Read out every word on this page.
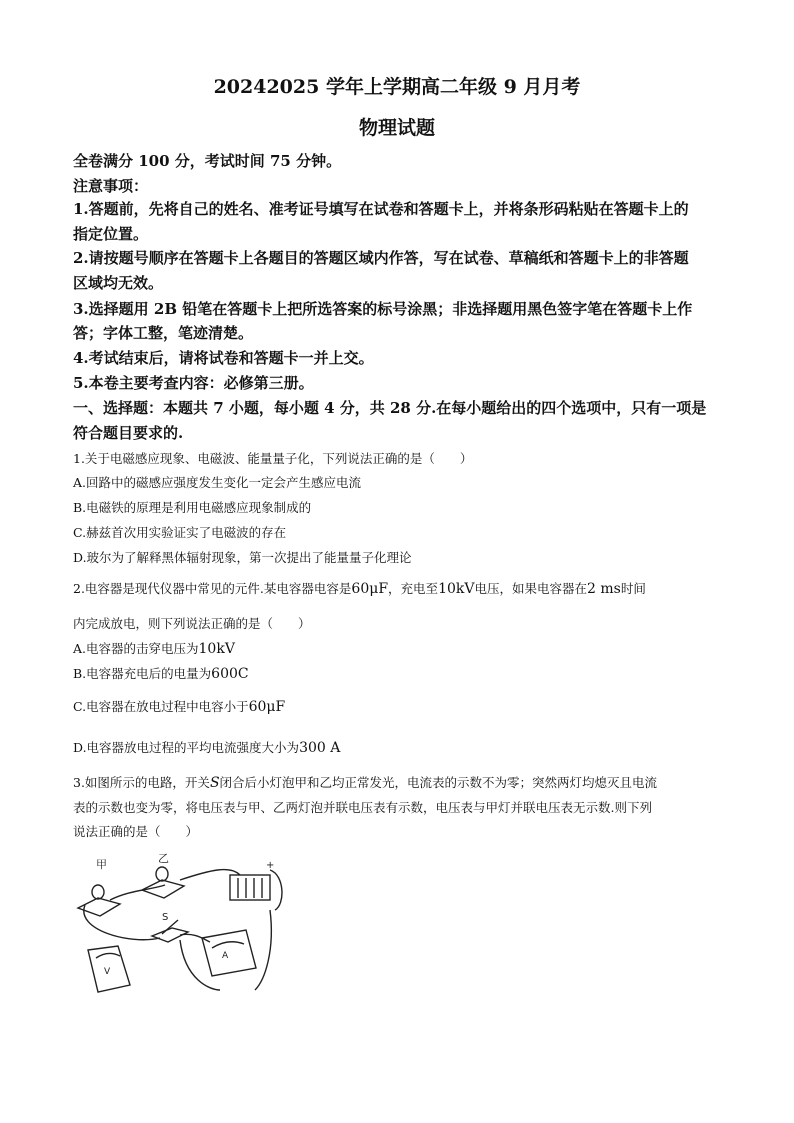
20242025 学年上学期高二年级 9 月月考
物理试题
全卷满分 100 分，考试时间 75 分钟。
注意事项：
1.答题前，先将自己的姓名、准考证号填写在试卷和答题卡上，并将条形码粘贴在答题卡上的
指定位置。
2.请按题号顺序在答题卡上各题目的答题区域内作答，写在试卷、草稿纸和答题卡上的非答题
区域均无效。
3.选择题用 2B 铅笔在答题卡上把所选答案的标号涂黑；非选择题用黑色签字笔在答题卡上作
答；字体工整，笔迹清楚。
4.考试结束后，请将试卷和答题卡一并上交。
5.本卷主要考查内容：必修第三册。
一、选择题：本题共 7 小题，每小题 4 分，共 28 分.在每小题给出的四个选项中，只有一项是
符合题目要求的.
1.关于电磁感应现象、电磁波、能量量子化，下列说法正确的是（　　）
A.回路中的磁感应强度发生变化一定会产生感应电流
B.电磁铁的原理是利用电磁感应现象制成的
C.赫兹首次用实验证实了电磁波的存在
D.玻尔为了解释黑体辐射现象，第一次提出了能量量子化理论
2.电容器是现代仪器中常见的元件.某电容器电容是60μF，充电至10kV电压，如果电容器在2 ms时间
内完成放电，则下列说法正确的是（　　）
A.电容器的击穿电压为10kV
B.电容器充电后的电量为600C
C.电容器在放电过程中电容小于60μF
D.电容器放电过程的平均电流强度大小为300 A
3.如图所示的电路，开关S闭合后小灯泡甲和乙均正常发光，电流表的示数不为零；突然两灯均熄灭且电流
表的示数也变为零，将电压表与甲、乙两灯泡并联电压表有示数，电压表与甲灯并联电压表无示数.则下列
说法正确的是（　　）
甲	乙
S
V
A
+
